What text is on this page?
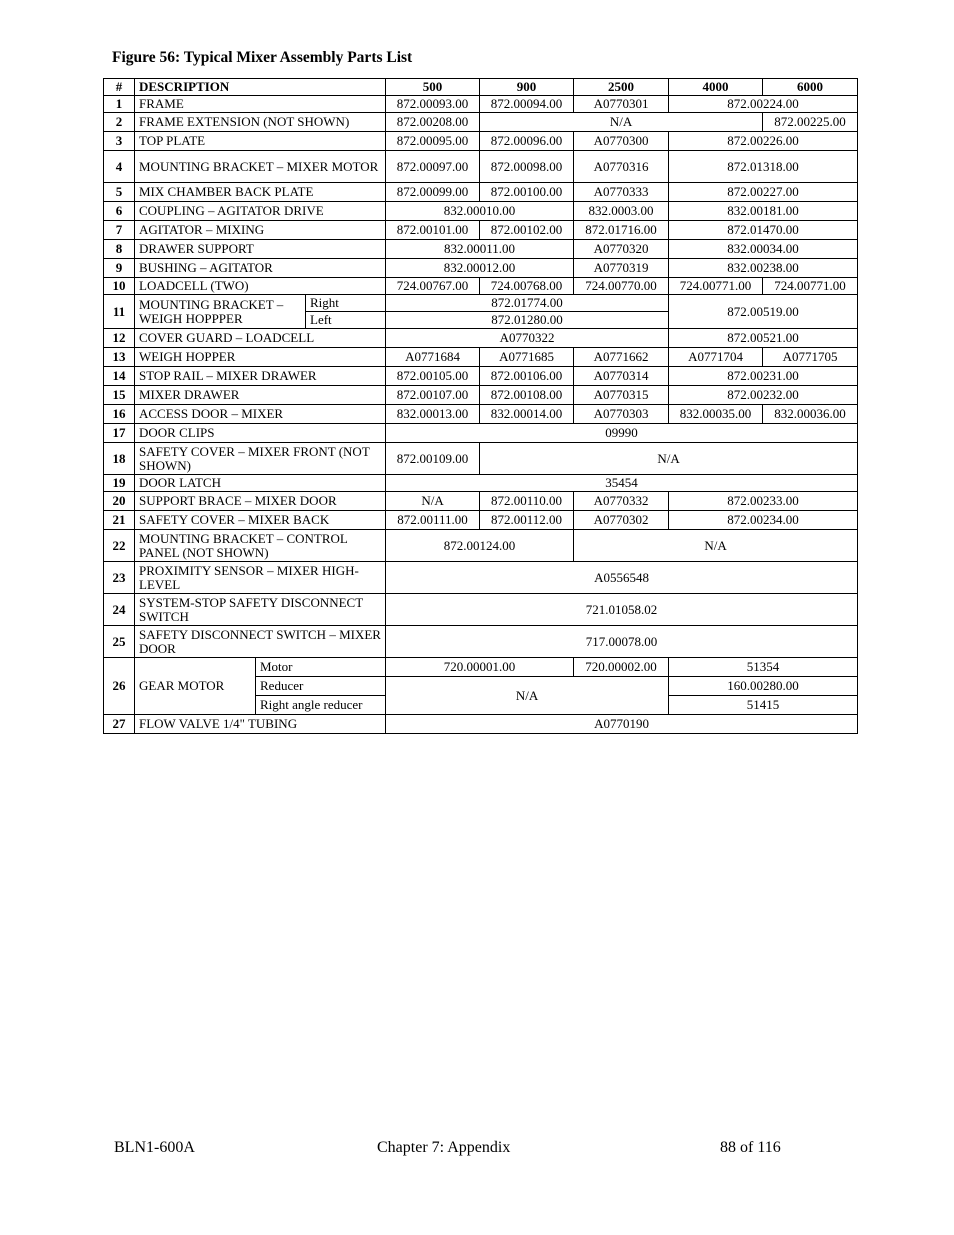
Figure 56: Typical Mixer Assembly Parts List
#	DESCRIPTION			500	900	2500	4000	6000
1	FRAME			872.00093.00	872.00094.00	A0770301	872.00224.00	
2	FRAME EXTENSION (NOT SHOWN)			872.00208.00	N/A			872.00225.00
3	TOP PLATE			872.00095.00	872.00096.00	A0770300	872.00226.00	
4	MOUNTING BRACKET – MIXER MOTOR			872.00097.00	872.00098.00	A0770316	872.01318.00	
5	MIX CHAMBER BACK PLATE			872.00099.00	872.00100.00	A0770333	872.00227.00	
6	COUPLING – AGITATOR DRIVE			832.00010.00		832.0003.00	832.00181.00	
7	AGITATOR – MIXING			872.00101.00	872.00102.00	872.01716.00	872.01470.00	
8	DRAWER SUPPORT			832.00011.00		A0770320	832.00034.00	
9	BUSHING – AGITATOR			832.00012.00		A0770319	832.00238.00	
10	LOADCELL (TWO)			724.00767.00	724.00768.00	724.00770.00	724.00771.00	724.00771.00
11	MOUNTING BRACKET – WEIGH HOPPPER		Right	872.01774.00			872.00519.00	
			Left	872.01280.00				
12	COVER GUARD – LOADCELL			A0770322			872.00521.00	
13	WEIGH HOPPER			A0771684	A0771685	A0771662	A0771704	A0771705
14	STOP RAIL – MIXER DRAWER			872.00105.00	872.00106.00	A0770314	872.00231.00	
15	MIXER DRAWER			872.00107.00	872.00108.00	A0770315	872.00232.00	
16	ACCESS DOOR – MIXER			832.00013.00	832.00014.00	A0770303	832.00035.00	832.00036.00
17	DOOR CLIPS			09990				
18	SAFETY COVER – MIXER FRONT (NOT SHOWN)			872.00109.00	N/A			
19	DOOR LATCH			35454				
20	SUPPORT BRACE – MIXER DOOR			N/A	872.00110.00	A0770332	872.00233.00	
21	SAFETY COVER – MIXER BACK			872.00111.00	872.00112.00	A0770302	872.00234.00	
22	MOUNTING BRACKET – CONTROL PANEL (NOT SHOWN)			872.00124.00		N/A		
23	PROXIMITY SENSOR – MIXER HIGH-LEVEL			A0556548				
24	SYSTEM-STOP SAFETY DISCONNECT SWITCH			721.01058.02				
25	SAFETY DISCONNECT SWITCH – MIXER DOOR			717.00078.00				
26	GEAR MOTOR	Motor		720.00001.00		720.00002.00	51354	
		Reducer		N/A			160.00280.00	
		Right angle reducer					51415	
27	FLOW VALVE 1/4" TUBING			A0770190				
BLN1-600A	Chapter 7: Appendix	88 of 116
